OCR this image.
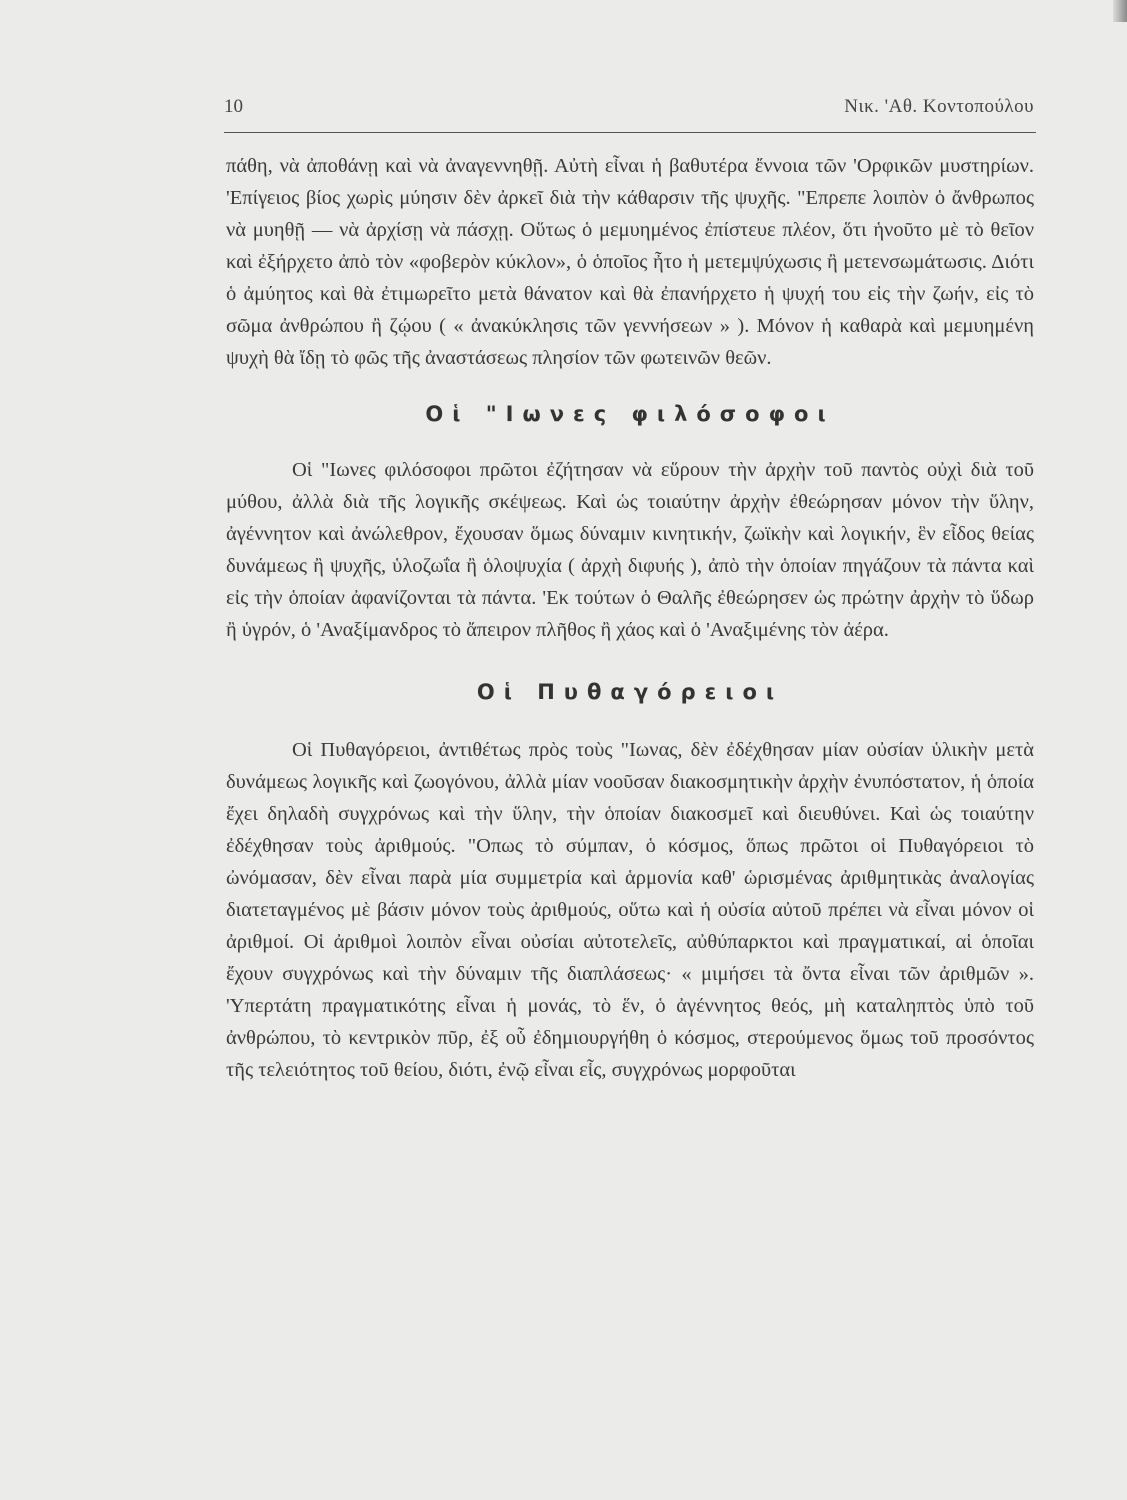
10	Νικ. 'Αθ. Κοντοπούλου

πάθη, νὰ ἀποθάνῃ καὶ νὰ ἀναγεννηθῇ. Αὐτὴ εἶναι ἡ βαθυτέρα ἔννοια τῶν 'Ορφικῶν μυστηρίων. 'Επίγειος βίος χωρὶς μύησιν δὲν ἀρκεῖ διὰ τὴν κάθαρσιν τῆς ψυχῆς. "Επρεπε λοιπὸν ὁ ἄνθρωπος νὰ μυηθῇ — νὰ ἀρχίσῃ νὰ πάσχῃ. Οὕτως ὁ μεμυημένος ἐπίστευε πλέον, ὅτι ἡνοῦτο μὲ τὸ θεῖον καὶ ἐξήρχετο ἀπὸ τὸν «φοβερὸν κύκλον», ὁ ὁποῖος ἦτο ἡ μετεμψύχωσις ἢ μετενσωμάτωσις. Διότι ὁ ἀμύητος καὶ θὰ ἐτιμωρεῖτο μετὰ θάνατον καὶ θὰ ἐπανήρχετο ἡ ψυχή του εἰς τὴν ζωήν, εἰς τὸ σῶμα ἀνθρώπου ἢ ζῴου ( « ἀνακύκλησις τῶν γεννήσεων » ). Μόνον ἡ καθαρὰ καὶ μεμυημένη ψυχὴ θὰ ἴδῃ τὸ φῶς τῆς ἀναστάσεως πλησίον τῶν φωτεινῶν θεῶν.

Οἱ "Ιωνες φιλόσοφοι

Οἱ "Ιωνες φιλόσοφοι πρῶτοι ἐζήτησαν νὰ εὕρουν τὴν ἀρχὴν τοῦ παντὸς οὐχὶ διὰ τοῦ μύθου, ἀλλὰ διὰ τῆς λογικῆς σκέψεως. Καὶ ὡς τοιαύτην ἀρχὴν ἐθεώρησαν μόνον τὴν ὕλην, ἀγέννητον καὶ ἀνώλεθρον, ἔχουσαν ὅμως δύναμιν κινητικήν, ζωϊκὴν καὶ λογικήν, ἓν εἶδος θείας δυνάμεως ἢ ψυχῆς, ὑλοζωΐα ἢ ὁλοψυχία ( ἀρχὴ διφυής ), ἀπὸ τὴν ὁποίαν πηγάζουν τὰ πάντα καὶ εἰς τὴν ὁποίαν ἀφανίζονται τὰ πάντα. 'Εκ τούτων ὁ Θαλῆς ἐθεώρησεν ὡς πρώτην ἀρχὴν τὸ ὕδωρ ἢ ὑγρόν, ὁ 'Αναξίμανδρος τὸ ἄπειρον πλῆθος ἢ χάος καὶ ὁ 'Αναξιμένης τὸν ἀέρα.

Οἱ Πυθαγόρειοι

Οἱ Πυθαγόρειοι, ἀντιθέτως πρὸς τοὺς "Ιωνας, δὲν ἐδέχθησαν μίαν οὐσίαν ὑλικὴν μετὰ δυνάμεως λογικῆς καὶ ζωογόνου, ἀλλὰ μίαν νοοῦσαν διακοσμητικὴν ἀρχὴν ἐνυπόστατον, ἡ ὁποία ἔχει δηλαδὴ συγχρόνως καὶ τὴν ὕλην, τὴν ὁποίαν διακοσμεῖ καὶ διευθύνει. Καὶ ὡς τοιαύτην ἐδέχθησαν τοὺς ἀριθμούς. "Οπως τὸ σύμπαν, ὁ κόσμος, ὅπως πρῶτοι οἱ Πυθαγόρειοι τὸ ὠνόμασαν, δὲν εἶναι παρὰ μία συμμετρία καὶ ἁρμονία καθ' ὡρισμένας ἀριθμητικὰς ἀναλογίας διατεταγμένος μὲ βάσιν μόνον τοὺς ἀριθμούς, οὕτω καὶ ἡ οὐσία αὐτοῦ πρέπει νὰ εἶναι μόνον οἱ ἀριθμοί. Οἱ ἀριθμοὶ λοιπὸν εἶναι οὐσίαι αὐτοτελεῖς, αὐθύπαρκτοι καὶ πραγματικαί, αἱ ὁποῖαι ἔχουν συγχρόνως καὶ τὴν δύναμιν τῆς διαπλάσεως· « μιμήσει τὰ ὄντα εἶναι τῶν ἀριθμῶν ». 'Υπερτάτη πραγματικότης εἶναι ἡ μονάς, τὸ ἕν, ὁ ἀγέννητος θεός, μὴ καταληπτὸς ὑπὸ τοῦ ἀνθρώπου, τὸ κεντρικὸν πῦρ, ἐξ οὗ ἐδημιουργήθη ὁ κόσμος, στερούμενος ὅμως τοῦ προσόντος τῆς τελειότητος τοῦ θείου, διότι, ἐνῷ εἶναι εἷς, συγχρόνως μορφοῦται
